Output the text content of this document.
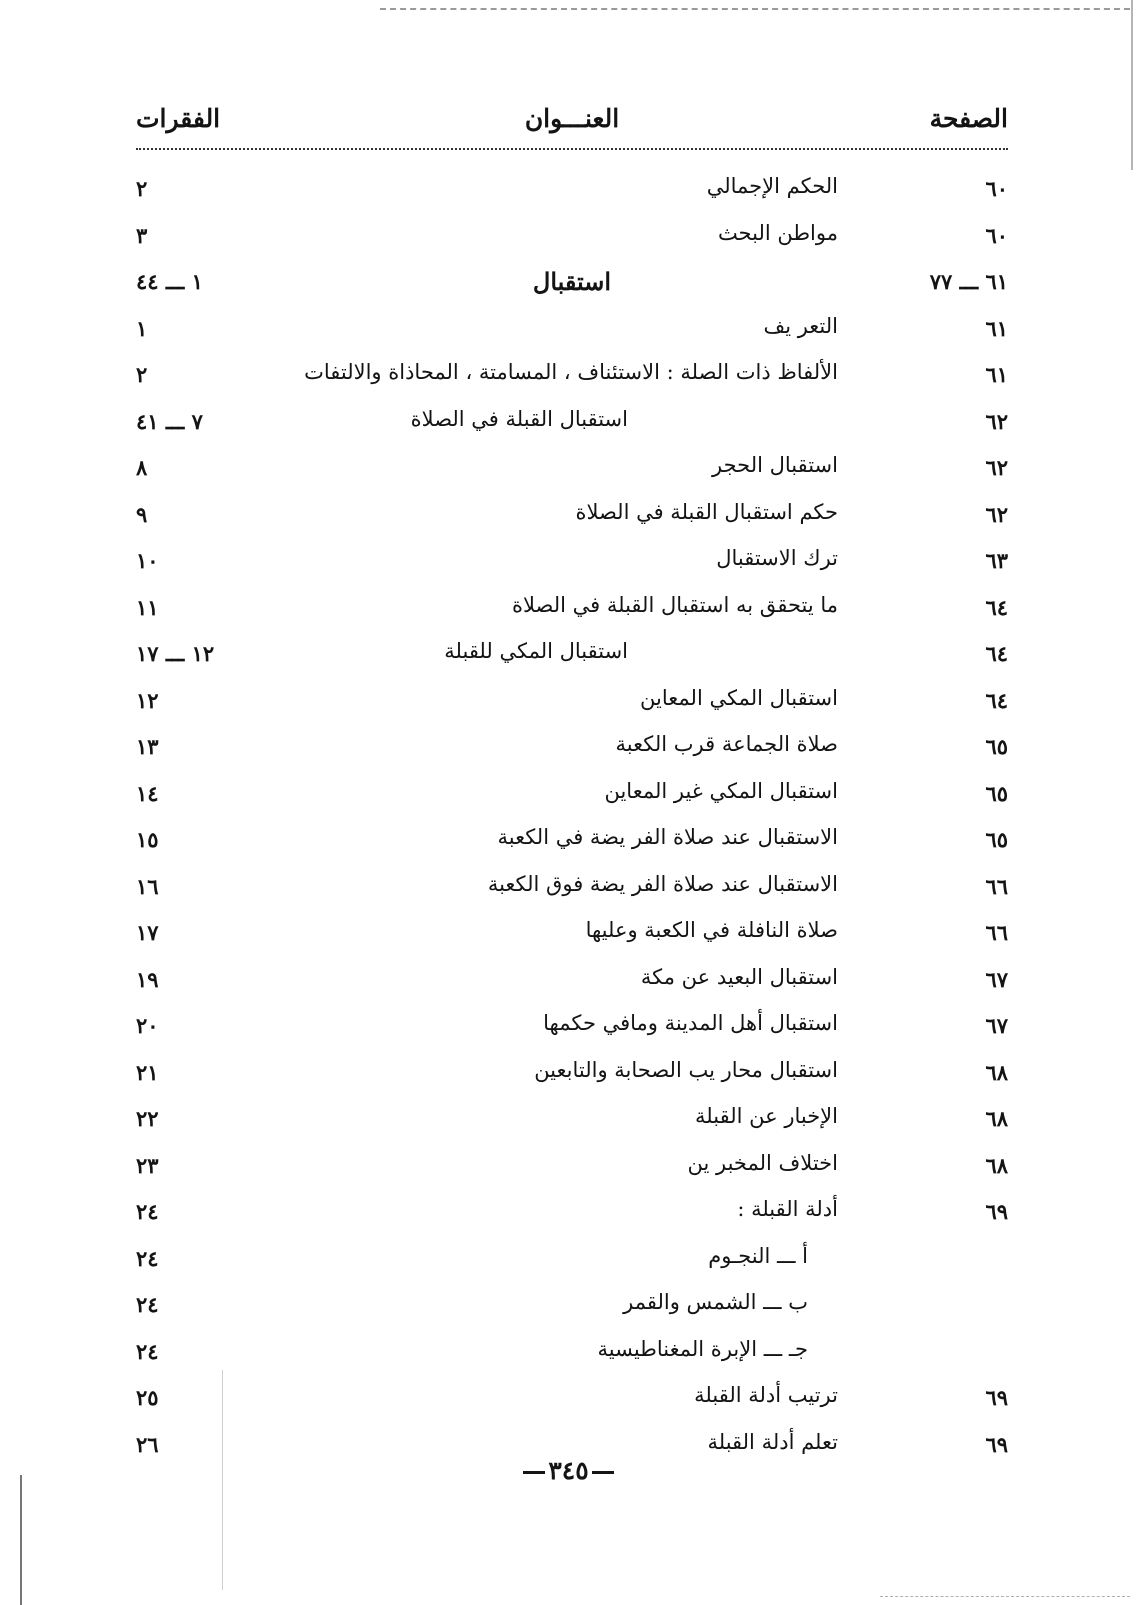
الصفحة
العنـــوان
الفقرات
٦٠
الحكم الإجمالي
٢
٦٠
مواطن البحث
٣
٦١ ـــ ٧٧
استقبال
١ ـــ ٤٤
٦١
التعر يف
١
٦١
الألفاظ ذات الصلة : الاستئناف ، المسامتة ، المحاذاة والالتفات
٢
٦٢
استقبال القبلة في الصلاة
٧ ـــ ٤١
٦٢
استقبال الحجر
٨
٦٢
حكم استقبال القبلة في الصلاة
٩
٦٣
ترك الاستقبال
١٠
٦٤
ما يتحقق به استقبال القبلة في الصلاة
١١
٦٤
استقبال المكي للقبلة
١٢ ـــ ١٧
٦٤
استقبال المكي المعاين
١٢
٦٥
صلاة الجماعة قرب الكعبة
١٣
٦٥
استقبال المكي غير المعاين
١٤
٦٥
الاستقبال عند صلاة الفر يضة في الكعبة
١٥
٦٦
الاستقبال عند صلاة الفر يضة فوق الكعبة
١٦
٦٦
صلاة النافلة في الكعبة وعليها
١٧
٦٧
استقبال البعيد عن مكة
١٩
٦٧
استقبال أهل المدينة ومافي حكمها
٢٠
٦٨
استقبال محار يب الصحابة والتابعين
٢١
٦٨
الإخبار عن القبلة
٢٢
٦٨
اختلاف المخبر ين
٢٣
٦٩
أدلة القبلة :
٢٤
أ ـــ النجـوم
٢٤
ب ـــ الشمس والقمر
٢٤
جـ ـــ الإبرة المغناطيسية
٢٤
٦٩
ترتيب أدلة القبلة
٢٥
٦٩
تعلم أدلة القبلة
٢٦
٣٤٥
